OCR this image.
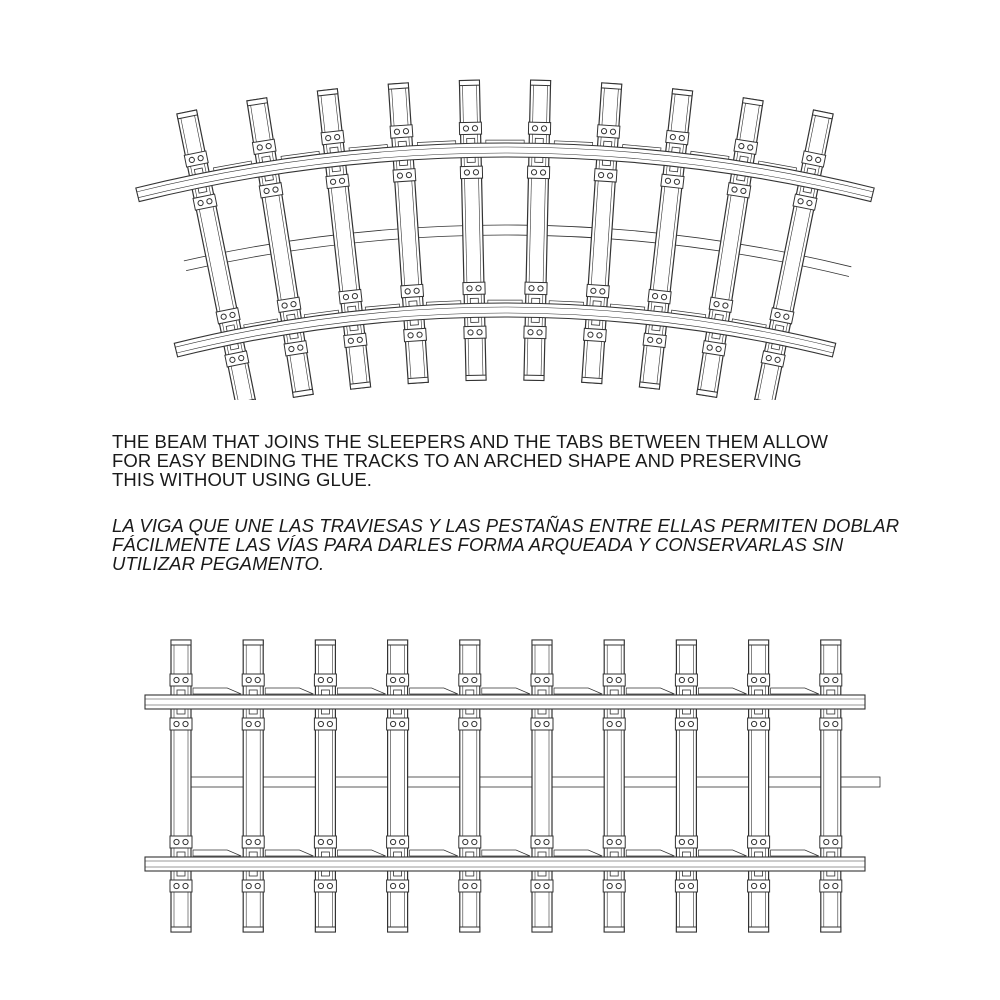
THE BEAM THAT JOINS THE SLEEPERS AND THE TABS BETWEEN THEM ALLOW
FOR EASY BENDING THE TRACKS TO AN ARCHED SHAPE AND PRESERVING
THIS WITHOUT USING GLUE.
LA VIGA QUE UNE LAS TRAVIESAS Y LAS PESTAÑAS ENTRE ELLAS PERMITEN DOBLAR
FÁCILMENTE LAS VÍAS PARA DARLES FORMA ARQUEADA Y CONSERVARLAS SIN
UTILIZAR PEGAMENTO.
